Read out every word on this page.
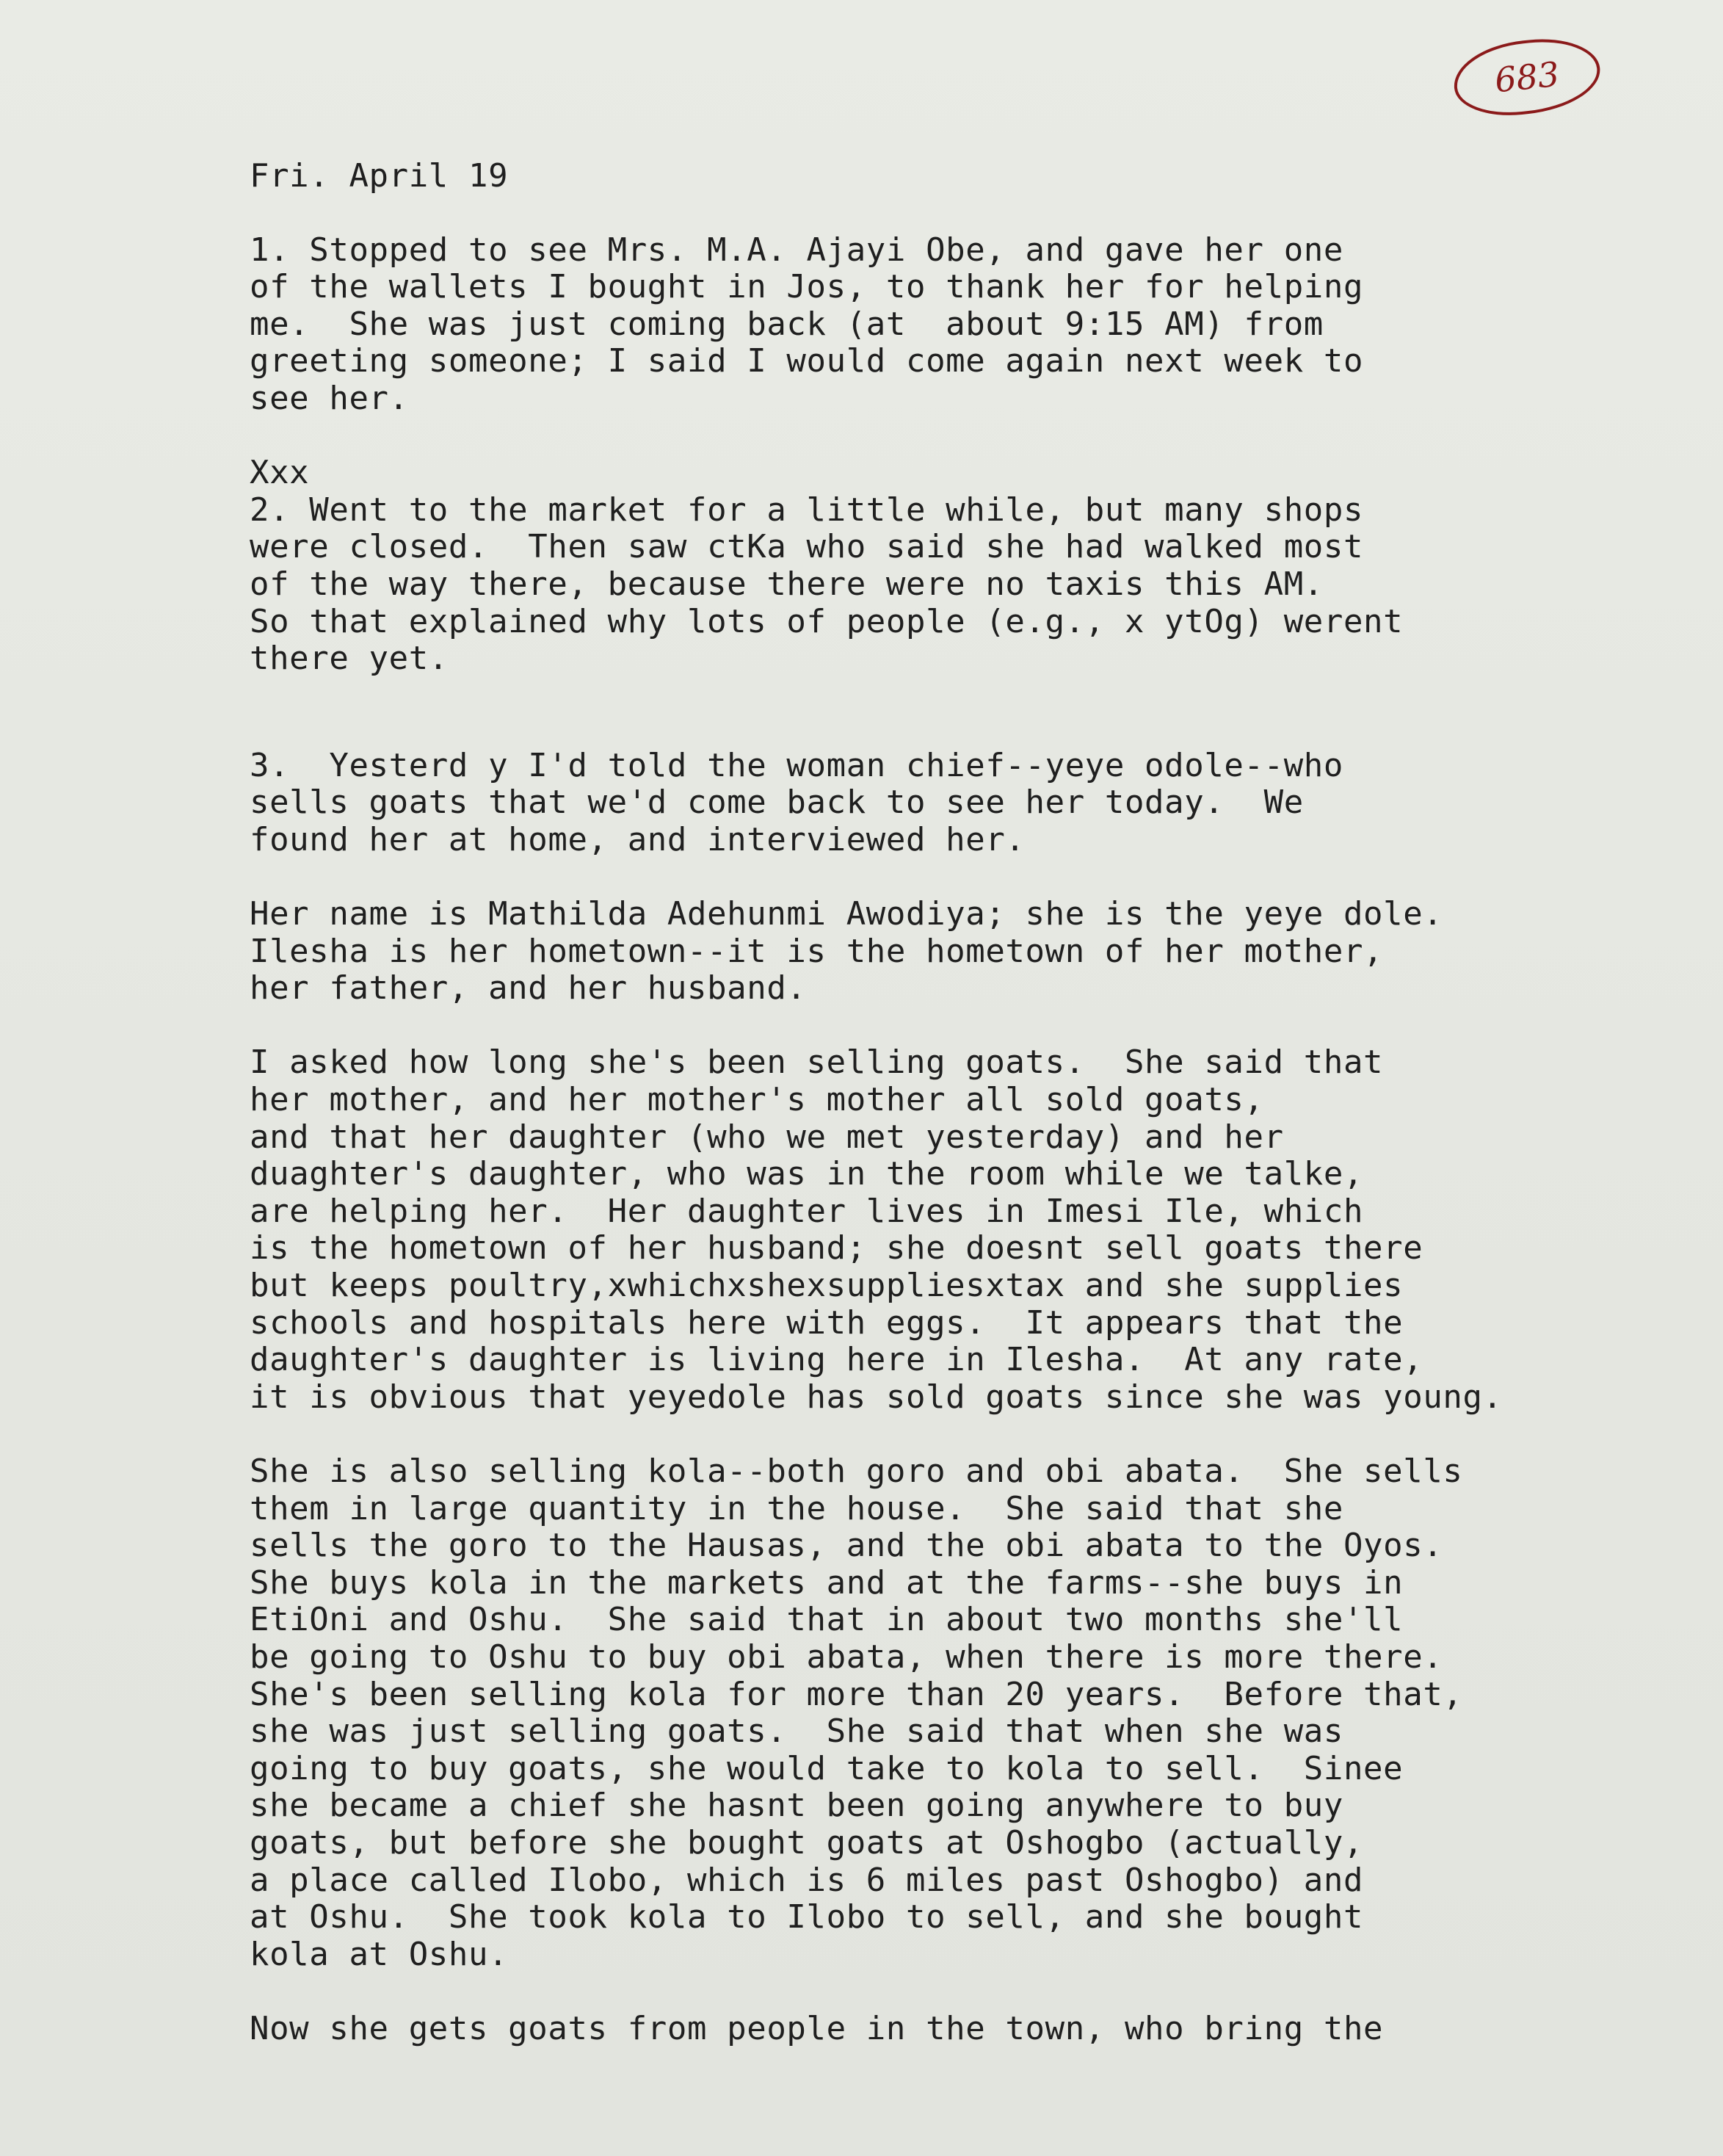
683
Fri. April 19
1. Stopped to see Mrs. M.A. Ajayi Obe, and gave her one
of the wallets I bought in Jos, to thank her for helping
me.  She was just coming back (at  about 9:15 AM) from
greeting someone; I said I would come again next week to
see her.
Xxx
2. Went to the market for a little while, but many shops
were closed.  Then saw ctKa who said she had walked most
of the way there, because there were no taxis this AM.
So that explained why lots of people (e.g., x ytOg) werent
there yet.
3.  Yesterd y I'd told the woman chief--yeye odole--who
sells goats that we'd come back to see her today.  We
found her at home, and interviewed her.
Her name is Mathilda Adehunmi Awodiya; she is the yeye dole.
Ilesha is her hometown--it is the hometown of her mother,
her father, and her husband.
I asked how long she's been selling goats.  She said that
her mother, and her mother's mother all sold goats,
and that her daughter (who we met yesterday) and her
duaghter's daughter, who was in the room while we talke,
are helping her.  Her daughter lives in Imesi Ile, which
is the hometown of her husband; she doesnt sell goats there
but keeps poultry,xwhichxshexsuppliesxtax and she supplies
schools and hospitals here with eggs.  It appears that the
daughter's daughter is living here in Ilesha.  At any rate,
it is obvious that yeyedole has sold goats since she was young.
She is also selling kola--both goro and obi abata.  She sells
them in large quantity in the house.  She said that she
sells the goro to the Hausas, and the obi abata to the Oyos.
She buys kola in the markets and at the farms--she buys in
EtiOni and Oshu.  She said that in about two months she'll
be going to Oshu to buy obi abata, when there is more there.
She's been selling kola for more than 20 years.  Before that,
she was just selling goats.  She said that when she was
going to buy goats, she would take to kola to sell.  Sinee
she became a chief she hasnt been going anywhere to buy
goats, but before she bought goats at Oshogbo (actually,
a place called Ilobo, which is 6 miles past Oshogbo) and
at Oshu.  She took kola to Ilobo to sell, and she bought
kola at Oshu.
Now she gets goats from people in the town, who bring the
